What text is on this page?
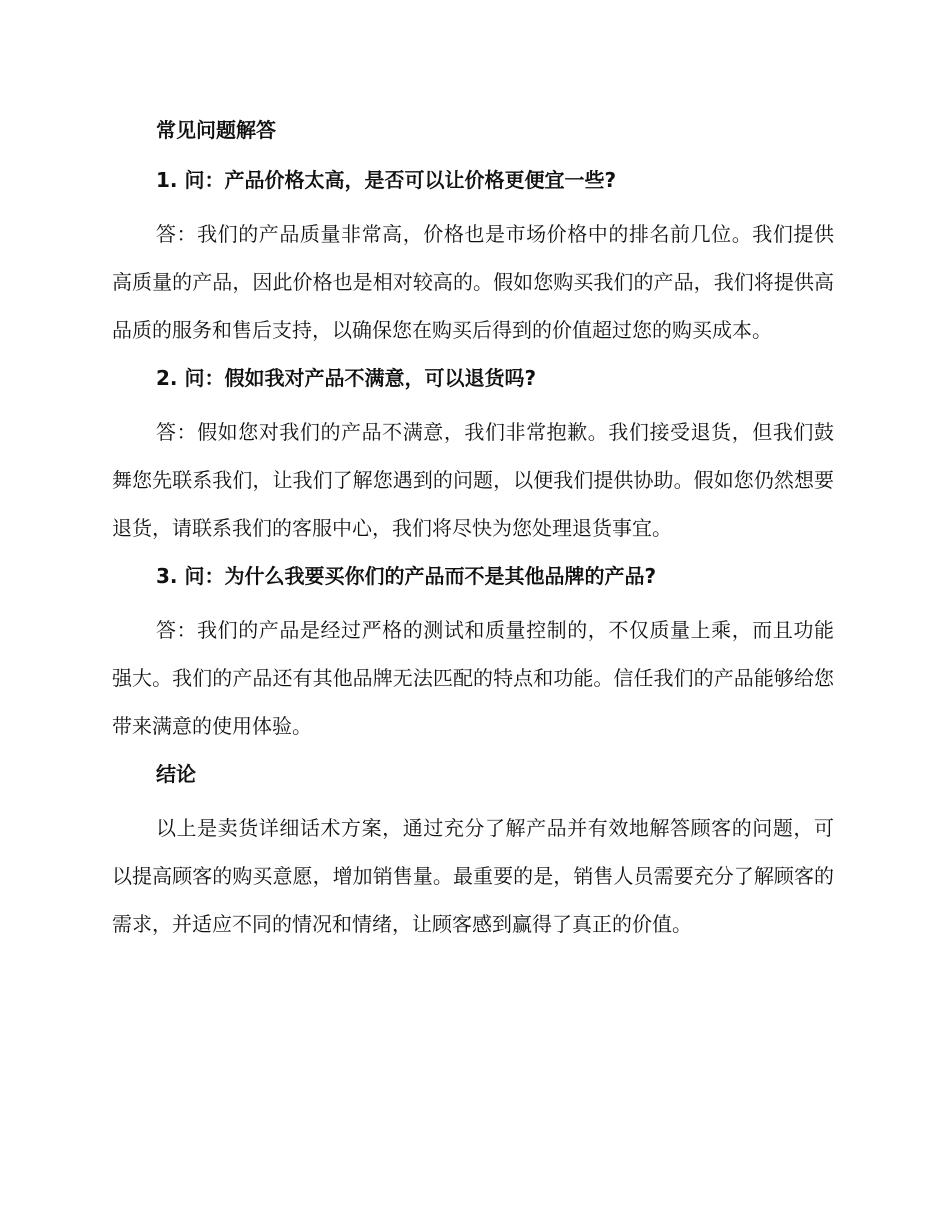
常见问题解答
1. 问：产品价格太高，是否可以让价格更便宜一些?

答：我们的产品质量非常高，价格也是市场价格中的排名前几位。我们提供高质量的产品，因此价格也是相对较高的。假如您购买我们的产品，我们将提供高品质的服务和售后支持，以确保您在购买后得到的价值超过您的购买成本。

2. 问：假如我对产品不满意，可以退货吗?

答：假如您对我们的产品不满意，我们非常抱歉。我们接受退货，但我们鼓舞您先联系我们，让我们了解您遇到的问题，以便我们提供协助。假如您仍然想要退货，请联系我们的客服中心，我们将尽快为您处理退货事宜。

3. 问：为什么我要买你们的产品而不是其他品牌的产品?

答：我们的产品是经过严格的测试和质量控制的，不仅质量上乘，而且功能强大。我们的产品还有其他品牌无法匹配的特点和功能。信任我们的产品能够给您带来满意的使用体验。

结论

以上是卖货详细话术方案，通过充分了解产品并有效地解答顾客的问题，可以提高顾客的购买意愿，增加销售量。最重要的是，销售人员需要充分了解顾客的需求，并适应不同的情况和情绪，让顾客感到赢得了真正的价值。
